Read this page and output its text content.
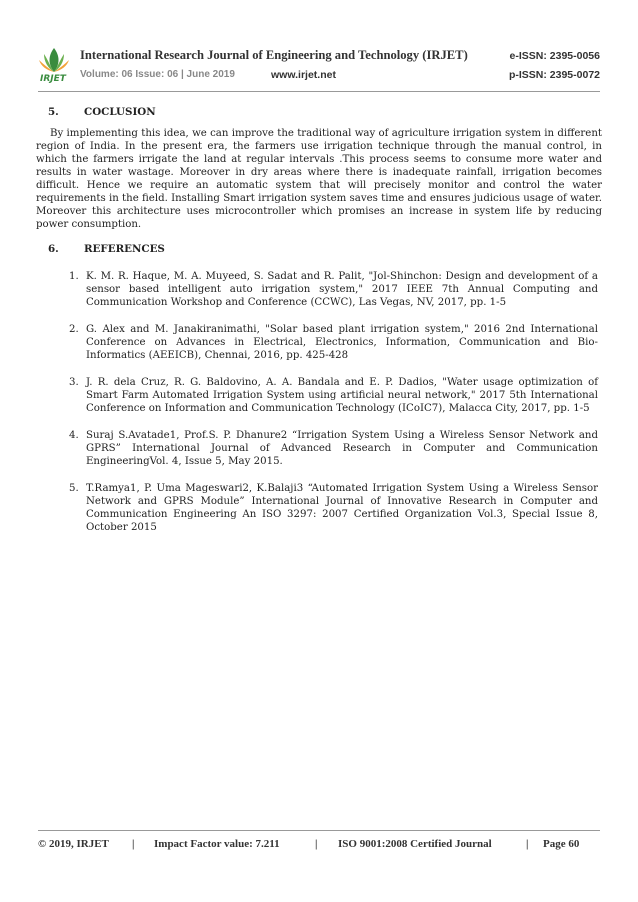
IRJET
International Research Journal of Engineering and Technology (IRJET)	e-ISSN: 2395-0056
Volume: 06 Issue: 06 | June 2019	www.irjet.net	p-ISSN: 2395-0072

5. COCLUSION

By implementing this idea, we can improve the traditional way of agriculture irrigation system in different region of India. In the present era, the farmers use irrigation technique through the manual control, in which the farmers irrigate the land at regular intervals .This process seems to consume more water and results in water wastage. Moreover in dry areas where there is inadequate rainfall, irrigation becomes difficult. Hence we require an automatic system that will precisely monitor and control the water requirements in the field. Installing Smart irrigation system saves time and ensures judicious usage of water. Moreover this architecture uses microcontroller which promises an increase in system life by reducing power consumption.

6. REFERENCES

1. K. M. R. Haque, M. A. Muyeed, S. Sadat and R. Palit, "Jol-Shinchon: Design and development of a sensor based intelligent auto irrigation system," 2017 IEEE 7th Annual Computing and Communication Workshop and Conference (CCWC), Las Vegas, NV, 2017, pp. 1-5
2. G. Alex and M. Janakiranimathi, "Solar based plant irrigation system," 2016 2nd International Conference on Advances in Electrical, Electronics, Information, Communication and Bio-Informatics (AEEICB), Chennai, 2016, pp. 425-428
3. J. R. dela Cruz, R. G. Baldovino, A. A. Bandala and E. P. Dadios, "Water usage optimization of Smart Farm Automated Irrigation System using artificial neural network," 2017 5th International Conference on Information and Communication Technology (ICoIC7), Malacca City, 2017, pp. 1-5
4. Suraj S.Avatade1, Prof.S. P. Dhanure2 “Irrigation System Using a Wireless Sensor Network and GPRS” International Journal of Advanced Research in Computer and Communication EngineeringVol. 4, Issue 5, May 2015.
5. T.Ramya1, P. Uma Mageswari2, K.Balaji3 “Automated Irrigation System Using a Wireless Sensor Network and GPRS Module” International Journal of Innovative Research in Computer and Communication Engineering An ISO 3297: 2007 Certified Organization Vol.3, Special Issue 8, October 2015
© 2019, IRJET | Impact Factor value: 7.211	| ISO 9001:2008 Certified Journal	| Page 60
